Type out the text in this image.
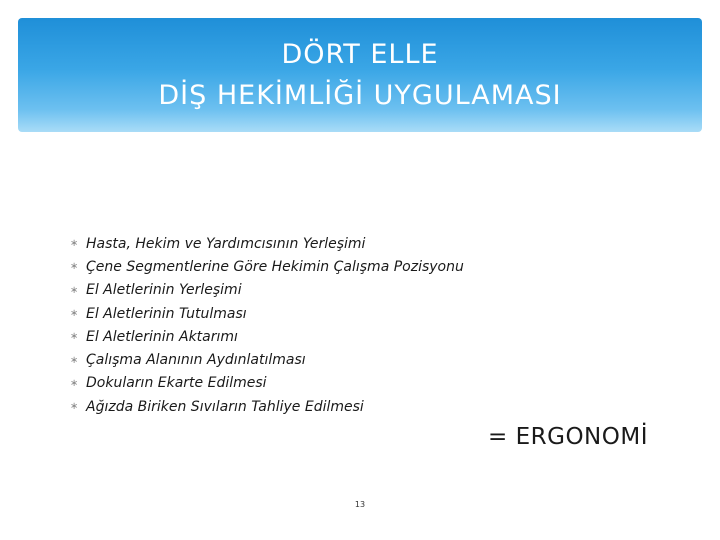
DÖRT ELLE
DİŞ HEKİMLİĞİ UYGULAMASI
∗ Hasta, Hekim ve Yardımcısının Yerleşimi
∗ Çene Segmentlerine Göre Hekimin Çalışma Pozisyonu
∗ El Aletlerinin Yerleşimi
∗ El Aletlerinin Tutulması
∗ El Aletlerinin Aktarımı
∗ Çalışma Alanının Aydınlatılması
∗ Dokuların Ekarte Edilmesi
∗ Ağızda Biriken Sıvıların Tahliye Edilmesi
= ERGONOMİ
13
